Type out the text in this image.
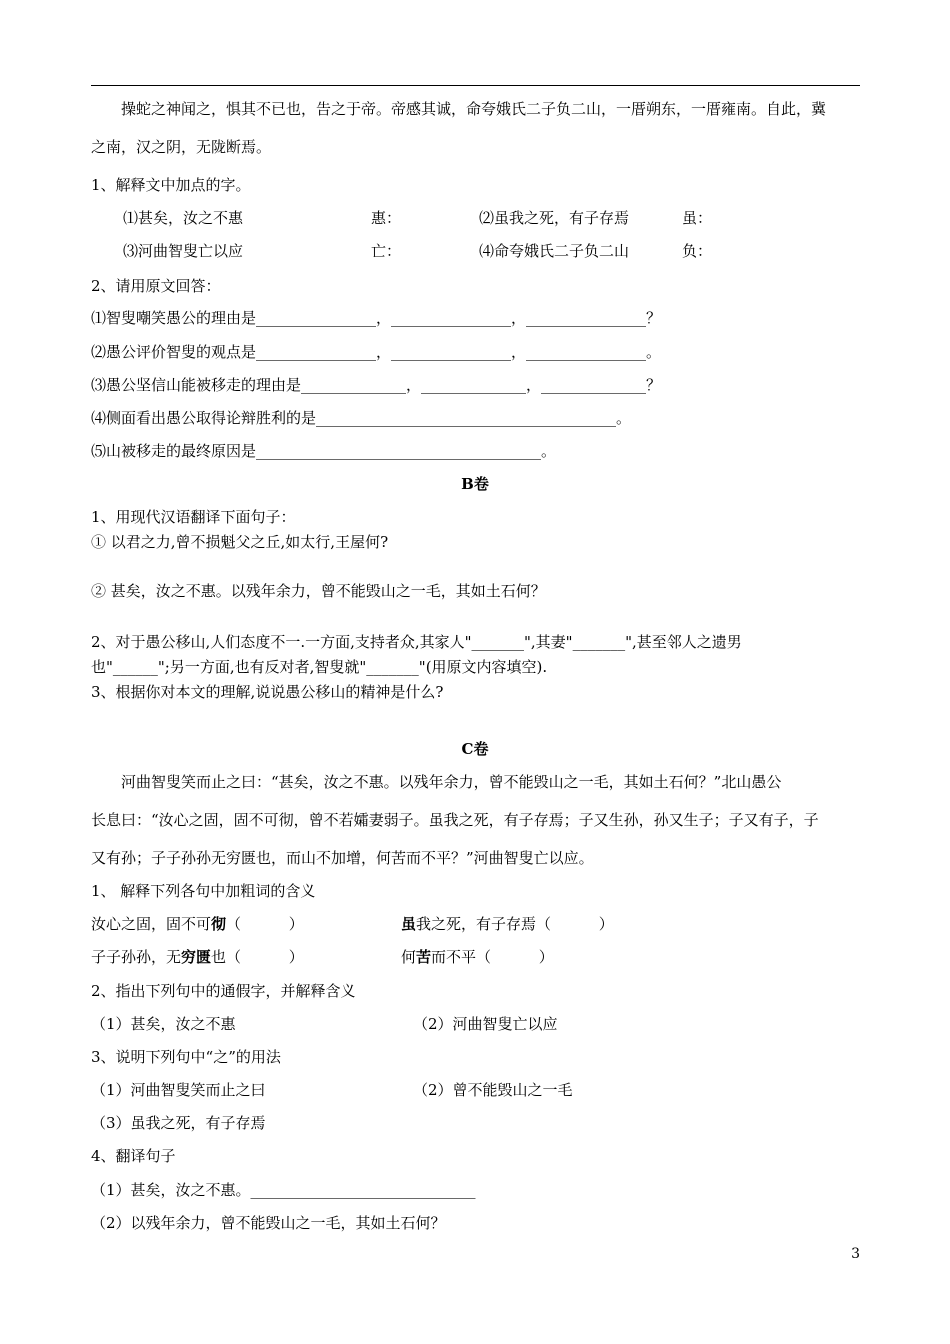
操蛇之神闻之，惧其不已也，告之于帝。帝感其诚，命夸娥氏二子负二山，一厝朔东，一厝雍南。自此，冀
之南，汉之阴，无陇断焉。
1、解释文中加点的字。
⑴甚矣，汝之不惠	惠：	⑵虽我之死，有子存焉	虽：
⑶河曲智叟亡以应	亡：	⑷命夸娥氏二子负二山	负：
2、请用原文回答：
⑴智叟嘲笑愚公的理由是________________，________________，________________？
⑵愚公评价智叟的观点是________________，________________，________________。
⑶愚公坚信山能被移走的理由是______________，______________，______________？
⑷侧面看出愚公取得论辩胜利的是________________________________________。
⑸山被移走的最终原因是______________________________________。
B卷
1、用现代汉语翻译下面句子：
① 以君之力,曾不损魁父之丘,如太行,王屋何?
② 甚矣，汝之不惠。以残年余力，曾不能毁山之一毛，其如土石何？
2、对于愚公移山,人们态度不一.一方面,支持者众,其家人"_______",其妻"_______",甚至邻人之遗男
也"______";另一方面,也有反对者,智叟就"_______"(用原文内容填空).
3、根据你对本文的理解,说说愚公移山的精神是什么?
C卷
河曲智叟笑而止之曰：“甚矣，汝之不惠。以残年余力，曾不能毁山之一毛，其如土石何？”北山愚公
长息曰：“汝心之固，固不可彻，曾不若孀妻弱子。虽我之死，有子存焉；子又生孙，孙又生子；子又有子，子
又有孙；子子孙孙无穷匮也，而山不加增，何苦而不平？”河曲智叟亡以应。
1、 解释下列各句中加粗词的含义
汝心之固，固不可彻（          ）	虽我之死，有子存焉（          ）
子子孙孙，无穷匮也（          ）	何苦而不平（          ）
2、指出下列句中的通假字，并解释含义
（1）甚矣，汝之不惠	（2）河曲智叟亡以应
3、说明下列句中“之”的用法
（1）河曲智叟笑而止之曰	（2）曾不能毁山之一毛
（3）虽我之死，有子存焉
4、翻译句子
（1）甚矣，汝之不惠。______________________________
（2）以残年余力，曾不能毁山之一毛，其如土石何？
3
